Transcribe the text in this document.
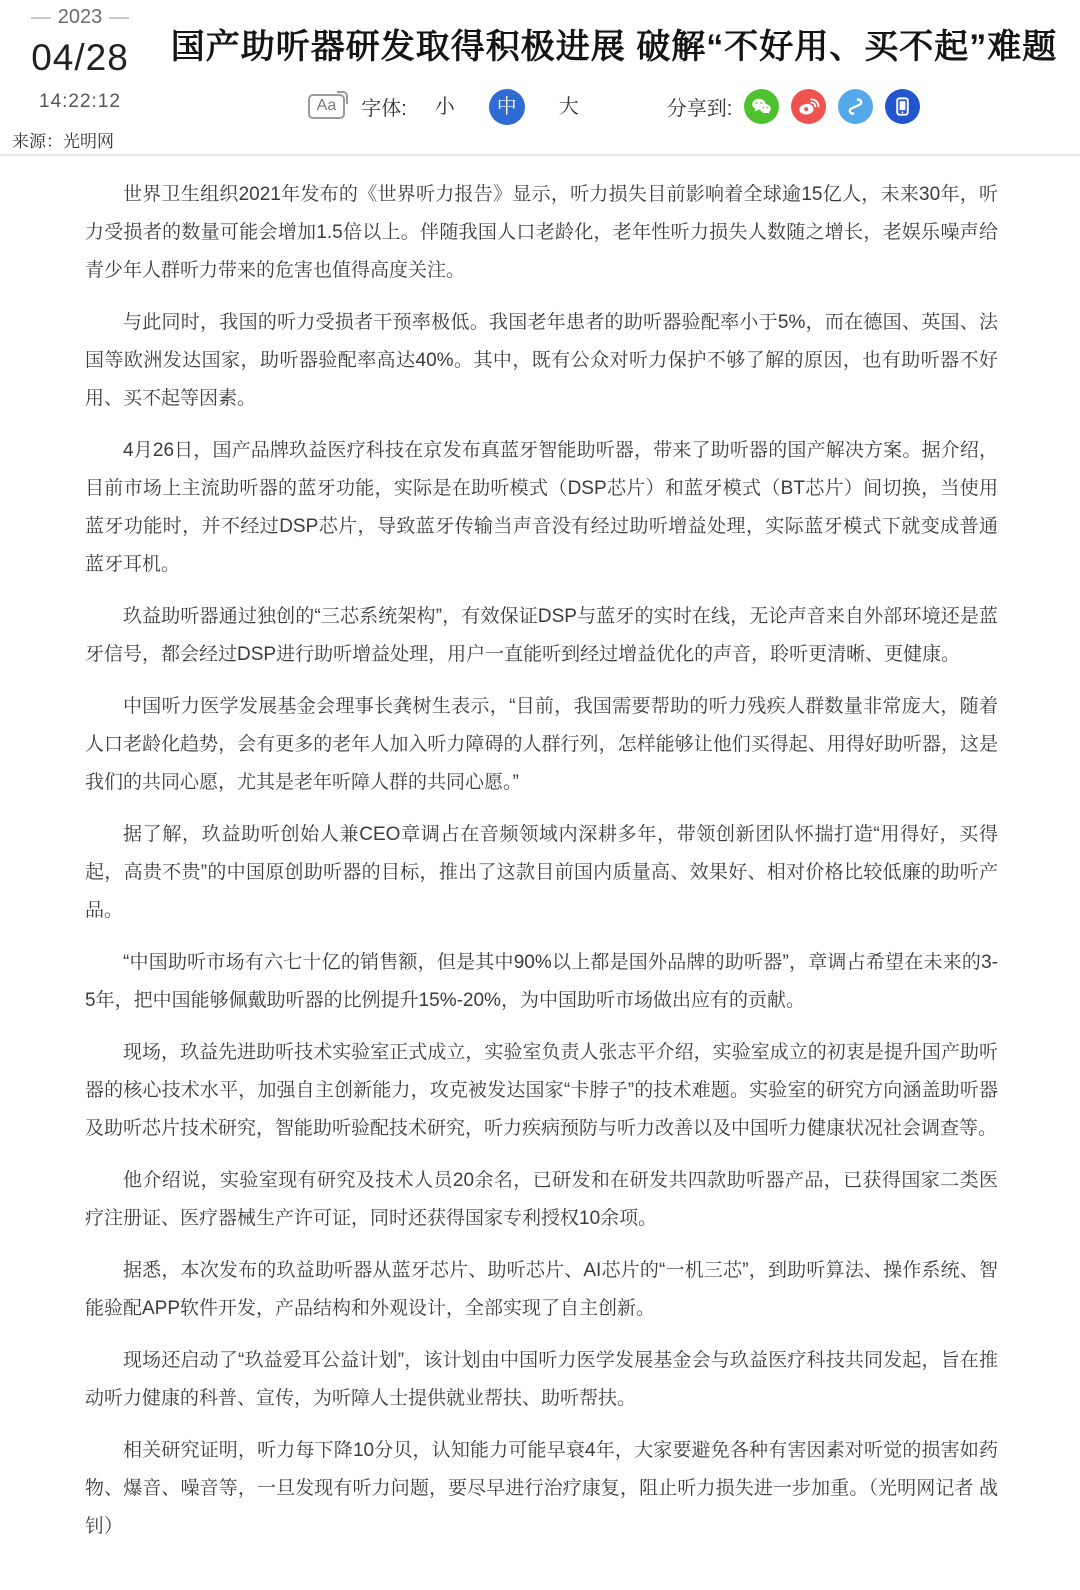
2023
04/28
14:22:12
来源：光明网
国产助听器研发取得积极进展 破解“不好用、买不起”难题
Aa	字体:	小	中	大	分享到:

世界卫生组织2021年发布的《世界听力报告》显示，听力损失目前影响着全球逾15亿人，未来30年，听力受损者的数量可能会增加1.5倍以上。伴随我国人口老龄化，老年性听力损失人数随之增长，老娱乐噪声给青少年人群听力带来的危害也值得高度关注。

与此同时，我国的听力受损者干预率极低。我国老年患者的助听器验配率小于5%，而在德国、英国、法国等欧洲发达国家，助听器验配率高达40%。其中，既有公众对听力保护不够了解的原因，也有助听器不好用、买不起等因素。

4月26日，国产品牌玖益医疗科技在京发布真蓝牙智能助听器，带来了助听器的国产解决方案。据介绍，目前市场上主流助听器的蓝牙功能，实际是在助听模式（DSP芯片）和蓝牙模式（BT芯片）间切换，当使用蓝牙功能时，并不经过DSP芯片，导致蓝牙传输当声音没有经过助听增益处理，实际蓝牙模式下就变成普通蓝牙耳机。

玖益助听器通过独创的“三芯系统架构”，有效保证DSP与蓝牙的实时在线，无论声音来自外部环境还是蓝牙信号，都会经过DSP进行助听增益处理，用户一直能听到经过增益优化的声音，聆听更清晰、更健康。

中国听力医学发展基金会理事长龚树生表示，“目前，我国需要帮助的听力残疾人群数量非常庞大，随着人口老龄化趋势，会有更多的老年人加入听力障碍的人群行列，怎样能够让他们买得起、用得好助听器，这是我们的共同心愿，尤其是老年听障人群的共同心愿。”

据了解，玖益助听创始人兼CEO章调占在音频领域内深耕多年，带领创新团队怀揣打造“用得好，买得起，高贵不贵”的中国原创助听器的目标，推出了这款目前国内质量高、效果好、相对价格比较低廉的助听产品。

“中国助听市场有六七十亿的销售额，但是其中90%以上都是国外品牌的助听器”，章调占希望在未来的3-5年，把中国能够佩戴助听器的比例提升15%-20%，为中国助听市场做出应有的贡献。

现场，玖益先进助听技术实验室正式成立，实验室负责人张志平介绍，实验室成立的初衷是提升国产助听器的核心技术水平，加强自主创新能力，攻克被发达国家“卡脖子”的技术难题。实验室的研究方向涵盖助听器及助听芯片技术研究，智能助听验配技术研究，听力疾病预防与听力改善以及中国听力健康状况社会调查等。

他介绍说，实验室现有研究及技术人员20余名，已研发和在研发共四款助听器产品，已获得国家二类医疗注册证、医疗器械生产许可证，同时还获得国家专利授权10余项。

据悉，本次发布的玖益助听器从蓝牙芯片、助听芯片、AI芯片的“一机三芯”，到助听算法、操作系统、智能验配APP软件开发，产品结构和外观设计，全部实现了自主创新。

现场还启动了“玖益爱耳公益计划”，该计划由中国听力医学发展基金会与玖益医疗科技共同发起，旨在推动听力健康的科普、宣传，为听障人士提供就业帮扶、助听帮扶。

相关研究证明，听力每下降10分贝，认知能力可能早衰4年，大家要避免各种有害因素对听觉的损害如药物、爆音、噪音等，一旦发现有听力问题，要尽早进行治疗康复，阻止听力损失进一步加重。（光明网记者 战钊）
